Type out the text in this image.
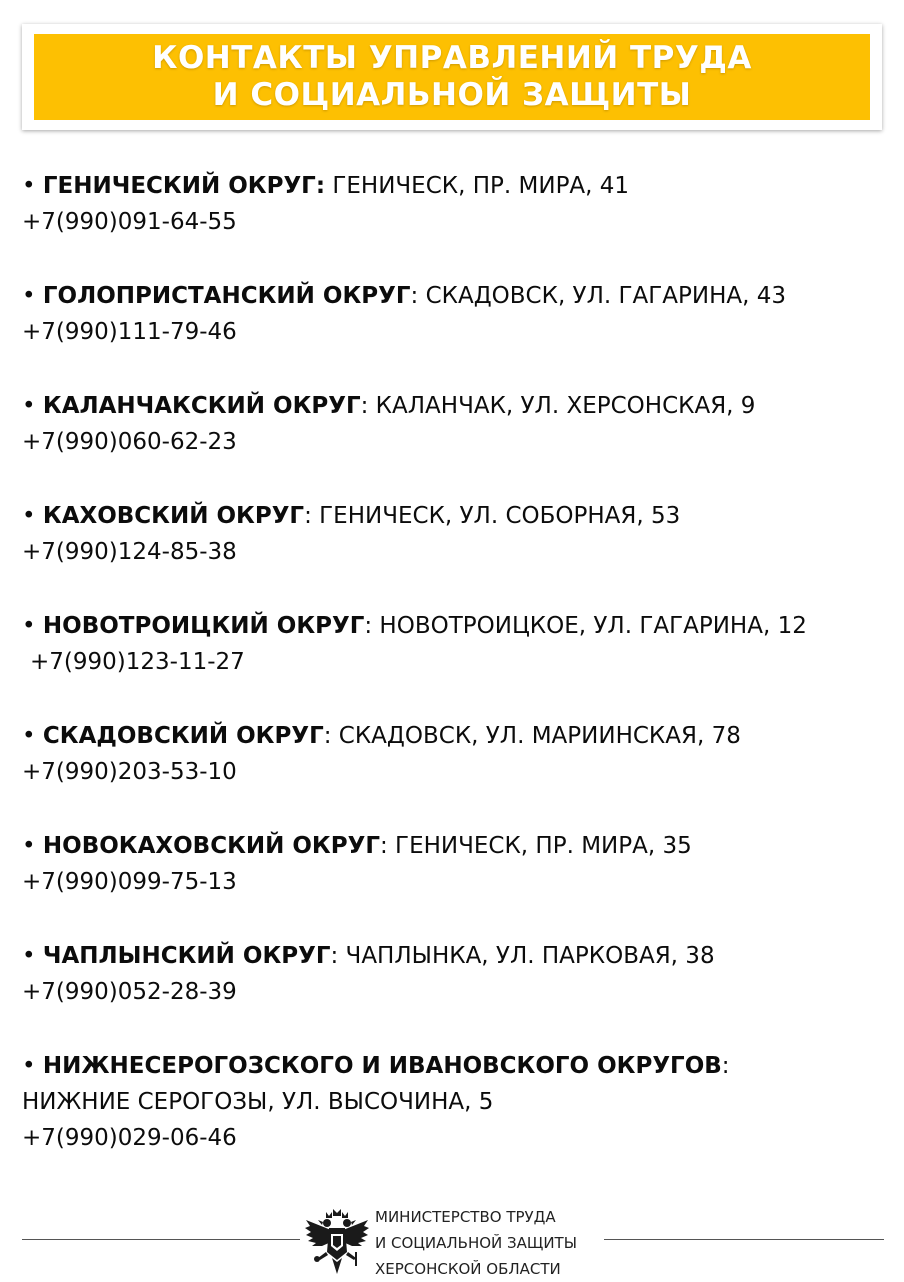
КОНТАКТЫ УПРАВЛЕНИЙ ТРУДА
И СОЦИАЛЬНОЙ ЗАЩИТЫ
• ГЕНИЧЕСКИЙ ОКРУГ: ГЕНИЧЕСК, ПР. МИРА, 41
+7(990)091-64-55
• ГОЛОПРИСТАНСКИЙ ОКРУГ: СКАДОВСК, УЛ. ГАГАРИНА, 43
+7(990)111-79-46
• КАЛАНЧАКСКИЙ ОКРУГ: КАЛАНЧАК, УЛ. ХЕРСОНСКАЯ, 9
+7(990)060-62-23
• КАХОВСКИЙ ОКРУГ: ГЕНИЧЕСК, УЛ. СОБОРНАЯ, 53
+7(990)124-85-38
• НОВОТРОИЦКИЙ ОКРУГ: НОВОТРОИЦКОЕ, УЛ. ГАГАРИНА, 12
+7(990)123-11-27
• СКАДОВСКИЙ ОКРУГ: СКАДОВСК, УЛ. МАРИИНСКАЯ, 78
+7(990)203-53-10
• НОВОКАХОВСКИЙ ОКРУГ: ГЕНИЧЕСК, ПР. МИРА, 35
+7(990)099-75-13
• ЧАПЛЫНСКИЙ ОКРУГ: ЧАПЛЫНКА, УЛ. ПАРКОВАЯ, 38
+7(990)052-28-39
• НИЖНЕСЕРОГОЗСКОГО И ИВАНОВСКОГО ОКРУГОВ:
НИЖНИЕ СЕРОГОЗЫ, УЛ. ВЫСОЧИНА, 5
+7(990)029-06-46
МИНИСТЕРСТВО ТРУДА
И СОЦИАЛЬНОЙ ЗАЩИТЫ
ХЕРСОНСКОЙ ОБЛАСТИ
